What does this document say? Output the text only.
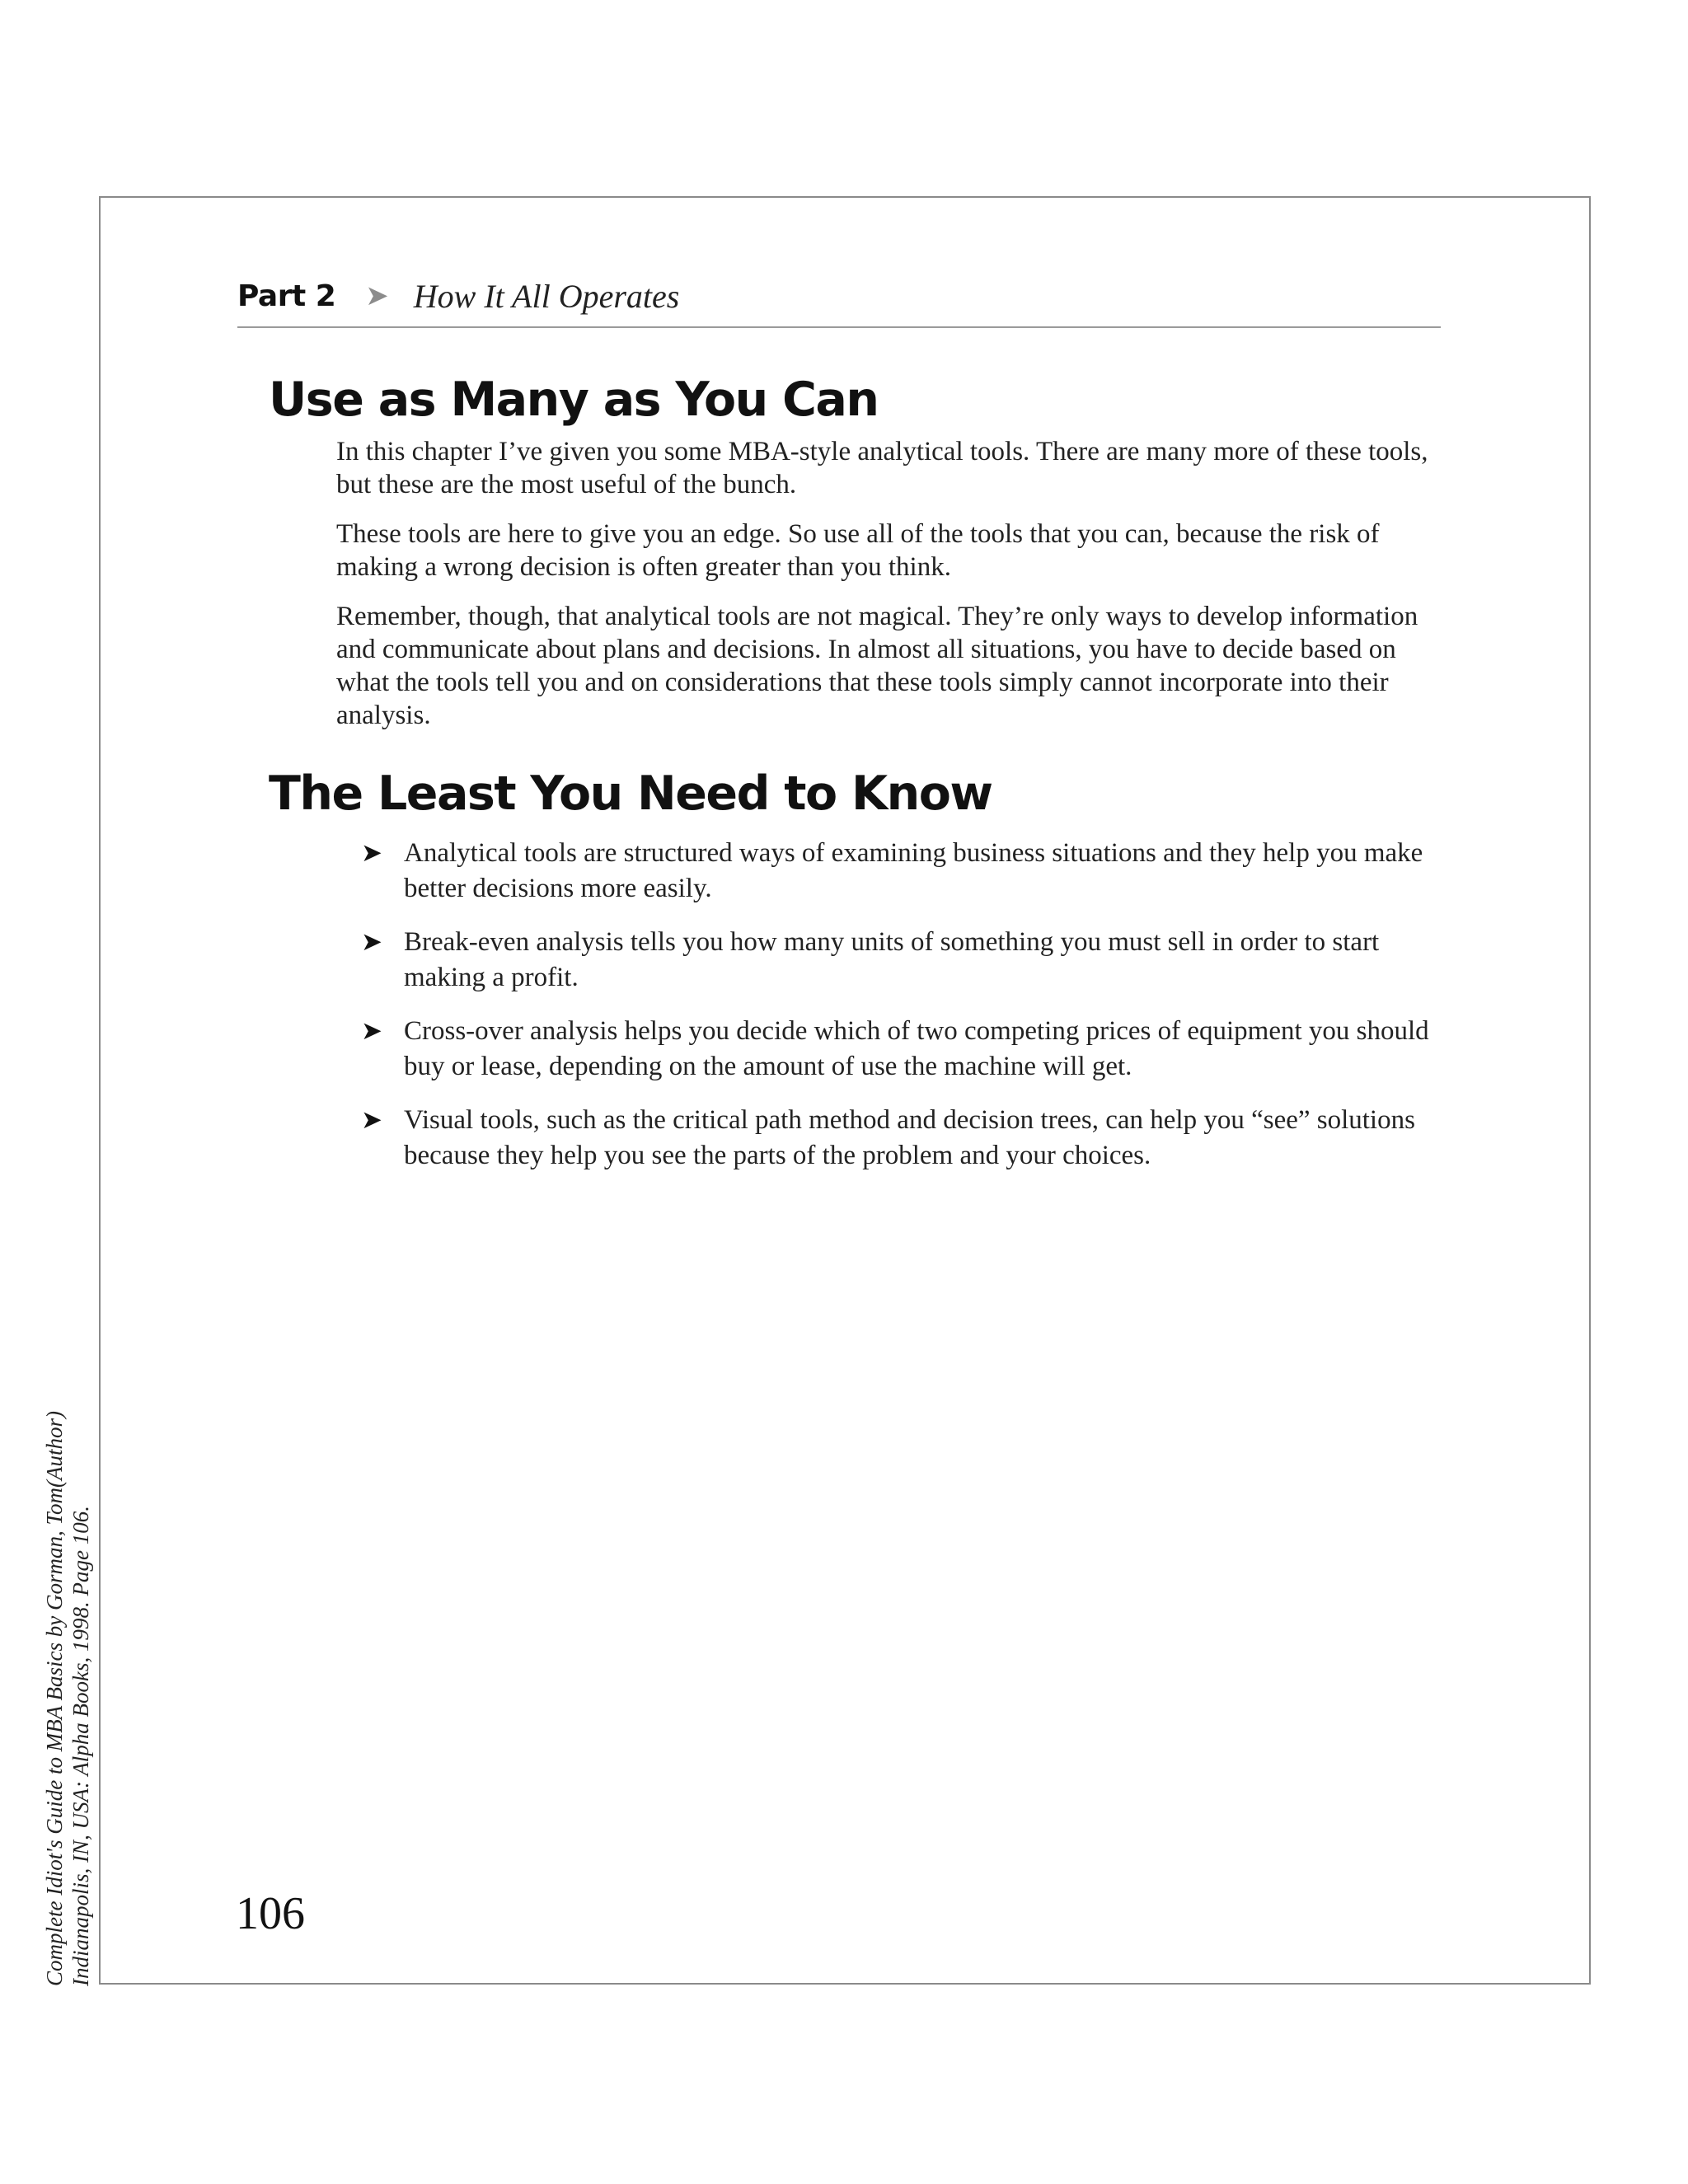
Part 2 ➤ How It All Operates
Use as Many as You Can

In this chapter I’ve given you some MBA-style analytical tools. There are many more of these tools, but these are the most useful of the bunch.

These tools are here to give you an edge. So use all of the tools that you can, because the risk of making a wrong decision is often greater than you think.

Remember, though, that analytical tools are not magical. They’re only ways to develop information and communicate about plans and decisions. In almost all situations, you have to decide based on what the tools tell you and on considerations that these tools simply cannot incorporate into their analysis.

The Least You Need to Know
➤ Analytical tools are structured ways of examining business situations and they help you make better decisions more easily.
➤ Break-even analysis tells you how many units of something you must sell in order to start making a profit.
➤ Cross-over analysis helps you decide which of two competing prices of equipment you should buy or lease, depending on the amount of use the machine will get.
➤ Visual tools, such as the critical path method and decision trees, can help you “see” solutions because they help you see the parts of the problem and your choices.
106
Complete Idiot's Guide to MBA Basics by Gorman, Tom(Author) Indianapolis, IN, USA: Alpha Books, 1998. Page 106.
